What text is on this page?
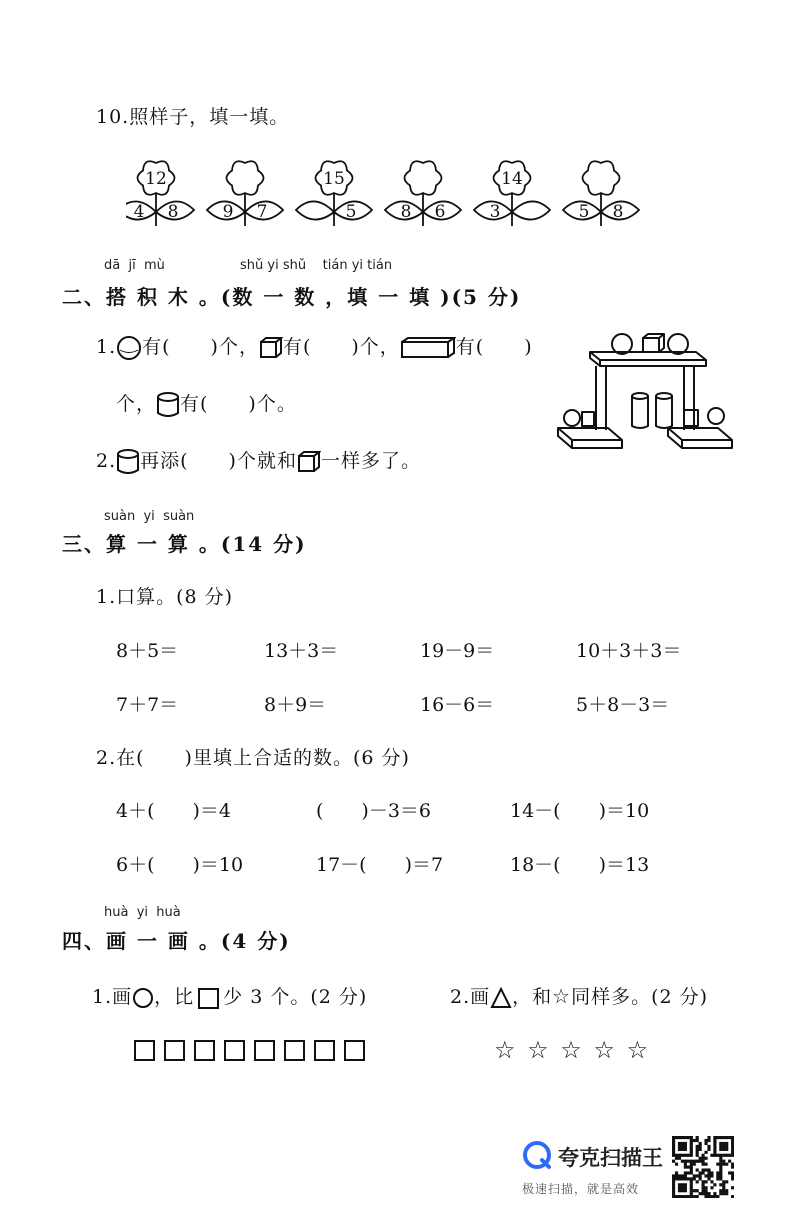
10.照样子，填一填。
12
4 8	9 7
15
5	8 6
14
3	5 8
dā jī mù	shǔ yi shǔ tián yi tián
二、搭 积 木 。(数 一 数 ，填 一 填 )(5 分)
1. 有(　　)个， 有(　　)个，	有(　　)
个， 有(　　)个。
2. 再添(　　)个就和 一样多了。
suàn yi suàn
三、算 一 算 。(14 分)
1.口算。(8 分)
8＋5＝	13＋3＝	19－9＝	10＋3＋3＝
7＋7＝	8＋9＝	16－6＝	5＋8－3＝
2.在(　　)里填上合适的数。(6 分)
4＋(　　)＝4	(　　)－3＝6	14－(　　)＝10
6＋(　　)＝10	17－(　　)＝7	18－(　　)＝13
huà yi huà
四、画 一 画 。(4 分)
1.画 ，比 少 3 个。(2 分)	2.画 ，和☆同样多。(2 分)
☆ ☆ ☆ ☆ ☆
夸克扫描王
极速扫描，就是高效
